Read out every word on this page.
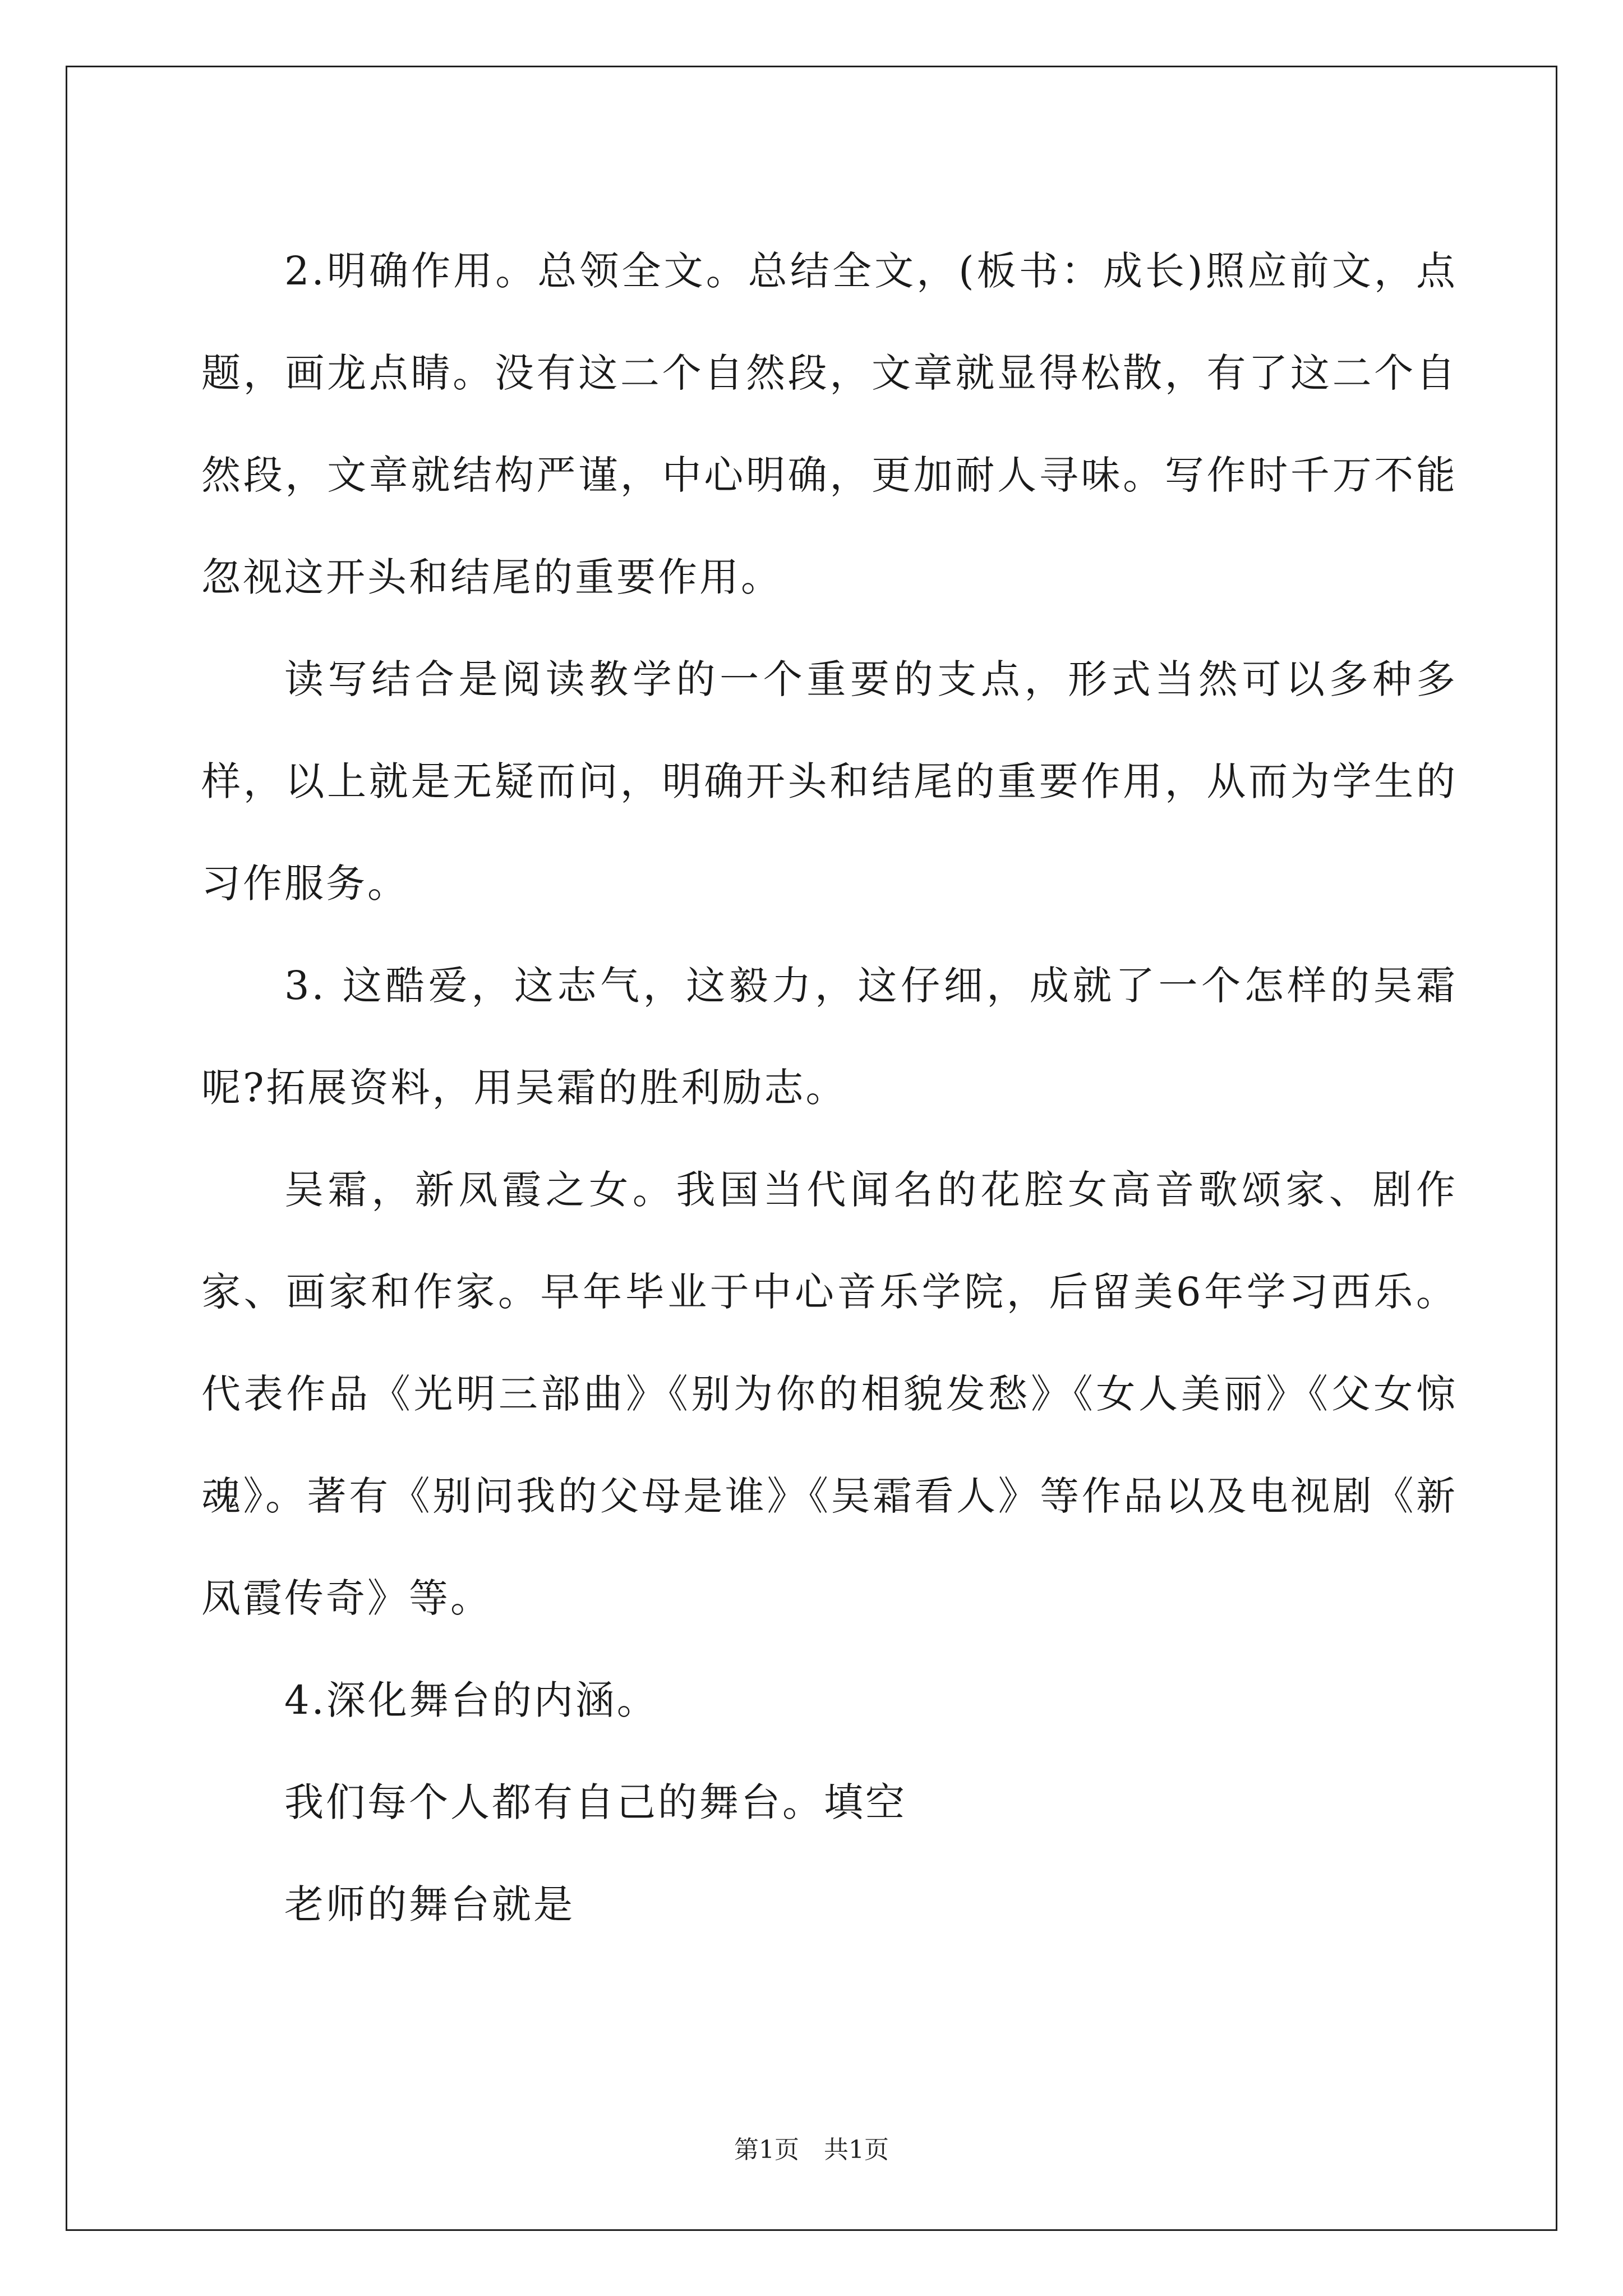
2.明确作用。总领全文。总结全文，(板书：成长)照应前文，点题，画龙点睛。没有这二个自然段，文章就显得松散，有了这二个自然段，文章就结构严谨，中心明确，更加耐人寻味。写作时千万不能忽视这开头和结尾的重要作用。

读写结合是阅读教学的一个重要的支点，形式当然可以多种多样，以上就是无疑而问，明确开头和结尾的重要作用，从而为学生的习作服务。

3. 这酷爱，这志气，这毅力，这仔细，成就了一个怎样的吴霜呢?拓展资料，用吴霜的胜利励志。

吴霜，新凤霞之女。我国当代闻名的花腔女高音歌颂家、剧作家、画家和作家。早年毕业于中心音乐学院，后留美6年学习西乐。代表作品《光明三部曲》《别为你的相貌发愁》《女人美丽》《父女惊魂》。著有《别问我的父母是谁》《吴霜看人》等作品以及电视剧《新凤霞传奇》等。

4.深化舞台的内涵。

我们每个人都有自己的舞台。填空

老师的舞台就是

第1页　共1页
